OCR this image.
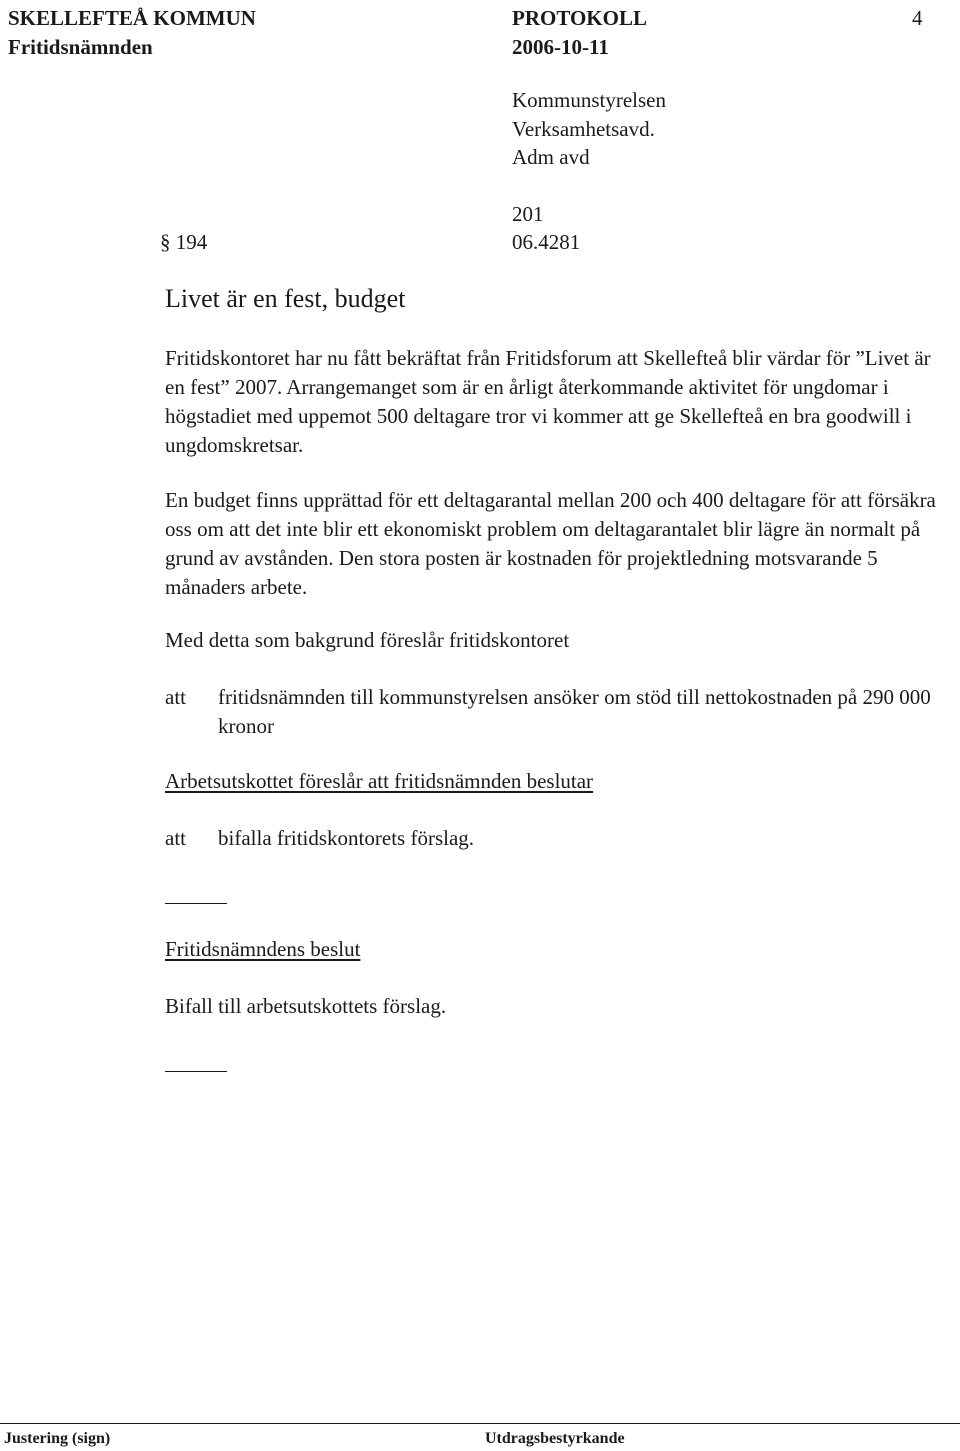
SKELLEFTEÅ KOMMUN	PROTOKOLL	4
Fritidsnämnden	2006-10-11
Kommunstyrelsen
Verksamhetsavd.
Adm avd
201
§ 194	06.4281
Livet är en fest, budget
Fritidskontoret har nu fått bekräftat från Fritidsforum att Skellefteå blir värdar för ”Livet är en fest” 2007. Arrangemanget som är en årligt återkommande aktivitet för ungdomar i högstadiet med uppemot 500 deltagare tror vi kommer att ge Skellefteå en bra goodwill i ungdomskretsar.
En budget finns upprättad för ett deltagarantal mellan 200 och 400 deltagare för att försäkra oss om att det inte blir ett ekonomiskt problem om deltagarantalet blir lägre än normalt på grund av avstånden. Den stora posten är kostnaden för projektledning motsvarande 5 månaders arbete.
Med detta som bakgrund föreslår fritidskontoret
att fritidsnämnden till kommunstyrelsen ansöker om stöd till nettokostnaden på 290 000 kronor
Arbetsutskottet föreslår att fritidsnämnden beslutar
att bifalla fritidskontorets förslag.
Fritidsnämndens beslut
Bifall till arbetsutskottets förslag.
Justering (sign)	Utdragsbestyrkande
